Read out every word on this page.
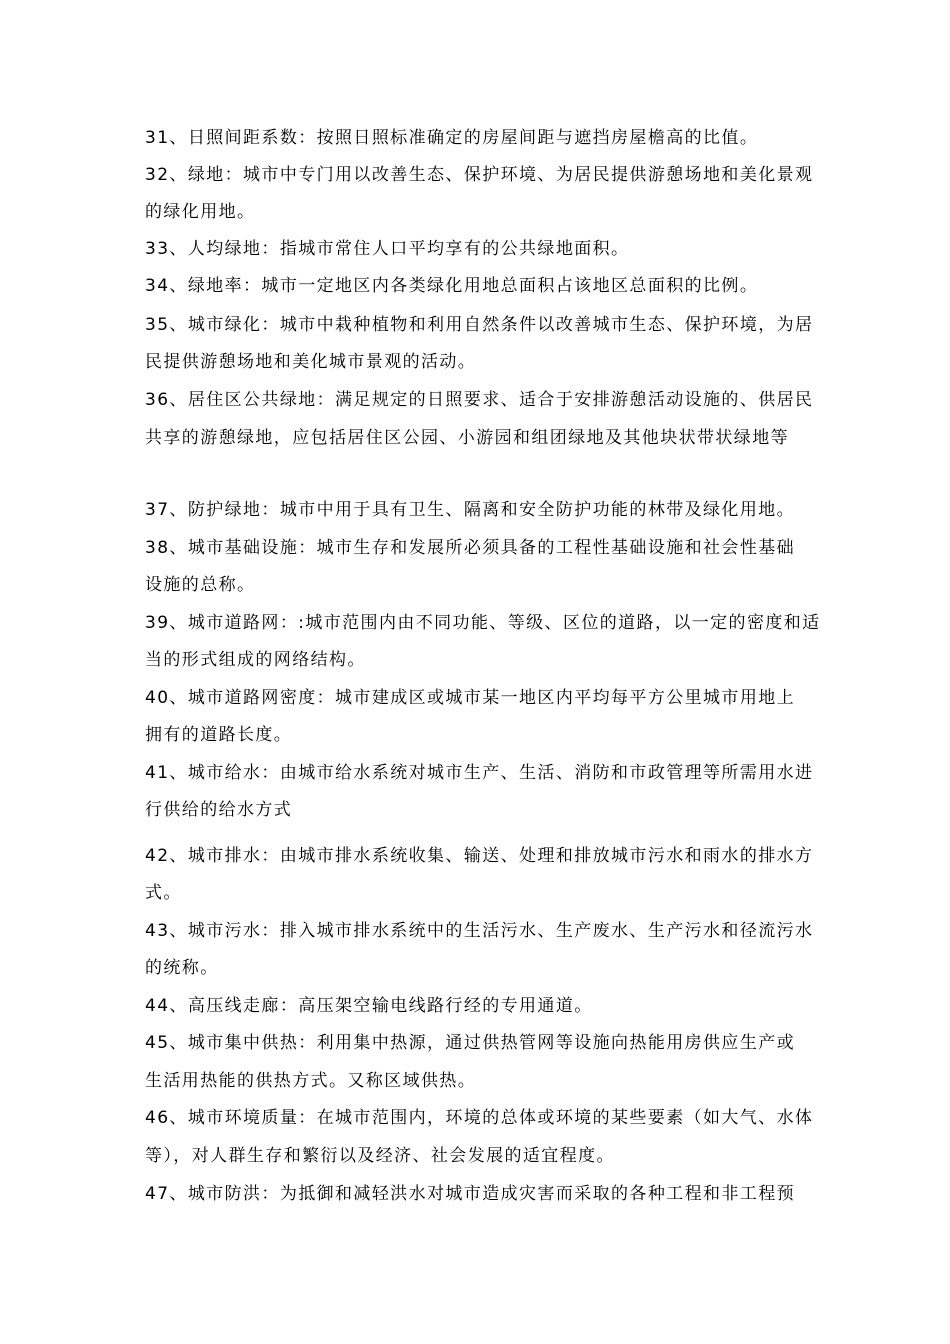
31、日照间距系数：按照日照标准确定的房屋间距与遮挡房屋檐高的比值。
32、绿地：城市中专门用以改善生态、保护环境、为居民提供游憩场地和美化景观
的绿化用地。
33、人均绿地：指城市常住人口平均享有的公共绿地面积。
34、绿地率：城市一定地区内各类绿化用地总面积占该地区总面积的比例。
35、城市绿化：城市中栽种植物和利用自然条件以改善城市生态、保护环境，为居
民提供游憩场地和美化城市景观的活动。
36、居住区公共绿地：满足规定的日照要求、适合于安排游憩活动设施的、供居民
共享的游憩绿地，应包括居住区公园、小游园和组团绿地及其他块状带状绿地等
37、防护绿地：城市中用于具有卫生、隔离和安全防护功能的林带及绿化用地。
38、城市基础设施：城市生存和发展所必须具备的工程性基础设施和社会性基础
设施的总称。
39、城市道路网：:城市范围内由不同功能、等级、区位的道路，以一定的密度和适
当的形式组成的网络结构。
40、城市道路网密度：城市建成区或城市某一地区内平均每平方公里城市用地上
拥有的道路长度。
41、城市给水：由城市给水系统对城市生产、生活、消防和市政管理等所需用水进
行供给的给水方式
42、城市排水：由城市排水系统收集、输送、处理和排放城市污水和雨水的排水方
式。
43、城市污水：排入城市排水系统中的生活污水、生产废水、生产污水和径流污水
的统称。
44、高压线走廊：高压架空输电线路行经的专用通道。
45、城市集中供热：利用集中热源，通过供热管网等设施向热能用房供应生产或
生活用热能的供热方式。又称区域供热。
46、城市环境质量：在城市范围内，环境的总体或环境的某些要素（如大气、水体
等），对人群生存和繁衍以及经济、社会发展的适宜程度。
47、城市防洪：为抵御和减轻洪水对城市造成灾害而采取的各种工程和非工程预
